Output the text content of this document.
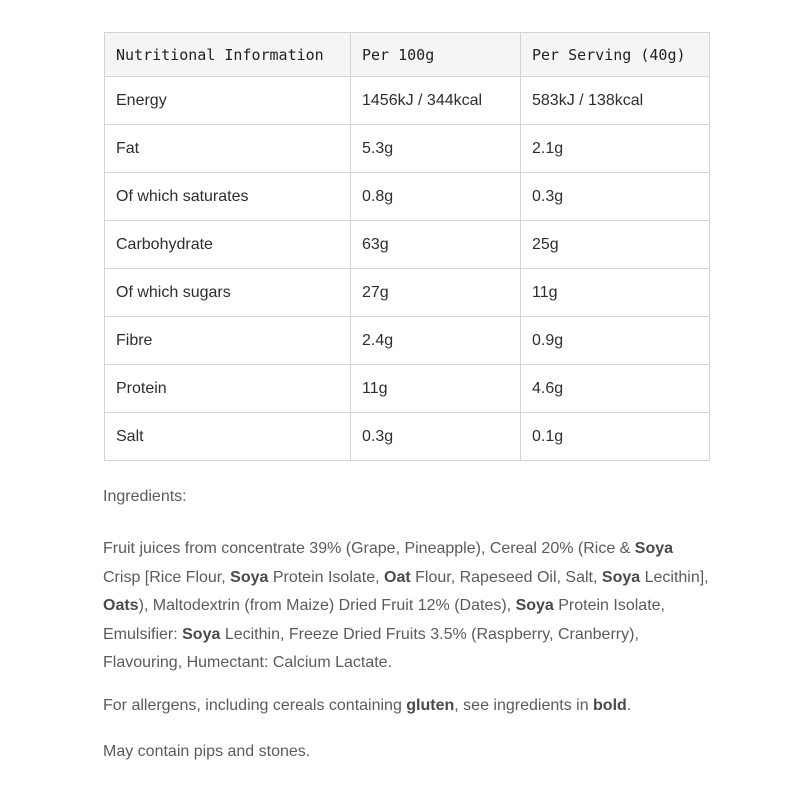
Nutritional Information	Per 100g	Per Serving (40g)
Energy	1456kJ / 344kcal	583kJ / 138kcal
Fat	5.3g	2.1g
Of which saturates	0.8g	0.3g
Carbohydrate	63g	25g
Of which sugars	27g	11g
Fibre	2.4g	0.9g
Protein	11g	4.6g
Salt	0.3g	0.1g

Ingredients:

Fruit juices from concentrate 39% (Grape, Pineapple), Cereal 20% (Rice & Soya Crisp [Rice Flour, Soya Protein Isolate, Oat Flour, Rapeseed Oil, Salt, Soya Lecithin], Oats), Maltodextrin (from Maize) Dried Fruit 12% (Dates), Soya Protein Isolate, Emulsifier: Soya Lecithin, Freeze Dried Fruits 3.5% (Raspberry, Cranberry), Flavouring, Humectant: Calcium Lactate.

For allergens, including cereals containing gluten, see ingredients in bold.

May contain pips and stones.
